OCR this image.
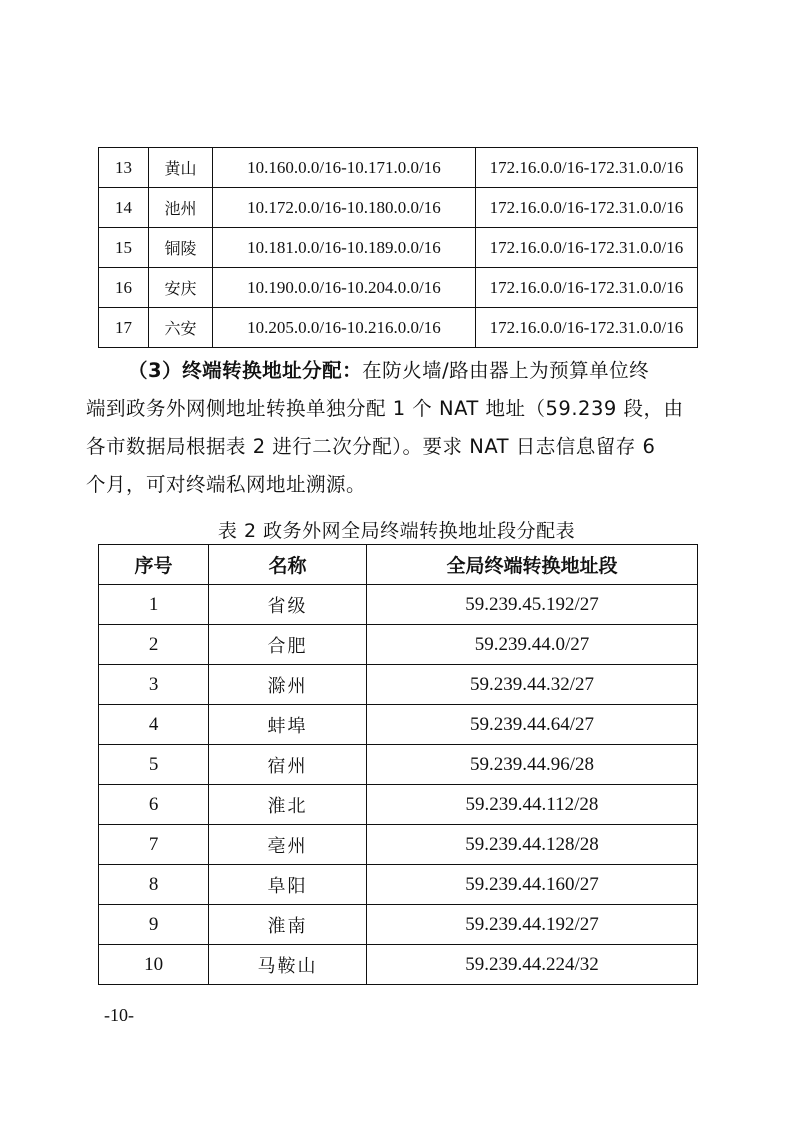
13	黄山	10.160.0.0/16-10.171.0.0/16	172.16.0.0/16-172.31.0.0/16
14	池州	10.172.0.0/16-10.180.0.0/16	172.16.0.0/16-172.31.0.0/16
15	铜陵	10.181.0.0/16-10.189.0.0/16	172.16.0.0/16-172.31.0.0/16
16	安庆	10.190.0.0/16-10.204.0.0/16	172.16.0.0/16-172.31.0.0/16
17	六安	10.205.0.0/16-10.216.0.0/16	172.16.0.0/16-172.31.0.0/16
（3）终端转换地址分配：在防火墙/路由器上为预算单位终
端到政务外网侧地址转换单独分配 1 个 NAT 地址（59.239 段，由
各市数据局根据表 2 进行二次分配）。要求 NAT 日志信息留存 6
个月，可对终端私网地址溯源。
表 2 政务外网全局终端转换地址段分配表
序号	名称	全局终端转换地址段
1	省级	59.239.45.192/27
2	合肥	59.239.44.0/27
3	滁州	59.239.44.32/27
4	蚌埠	59.239.44.64/27
5	宿州	59.239.44.96/28
6	淮北	59.239.44.112/28
7	亳州	59.239.44.128/28
8	阜阳	59.239.44.160/27
9	淮南	59.239.44.192/27
10	马鞍山	59.239.44.224/32
-10-
